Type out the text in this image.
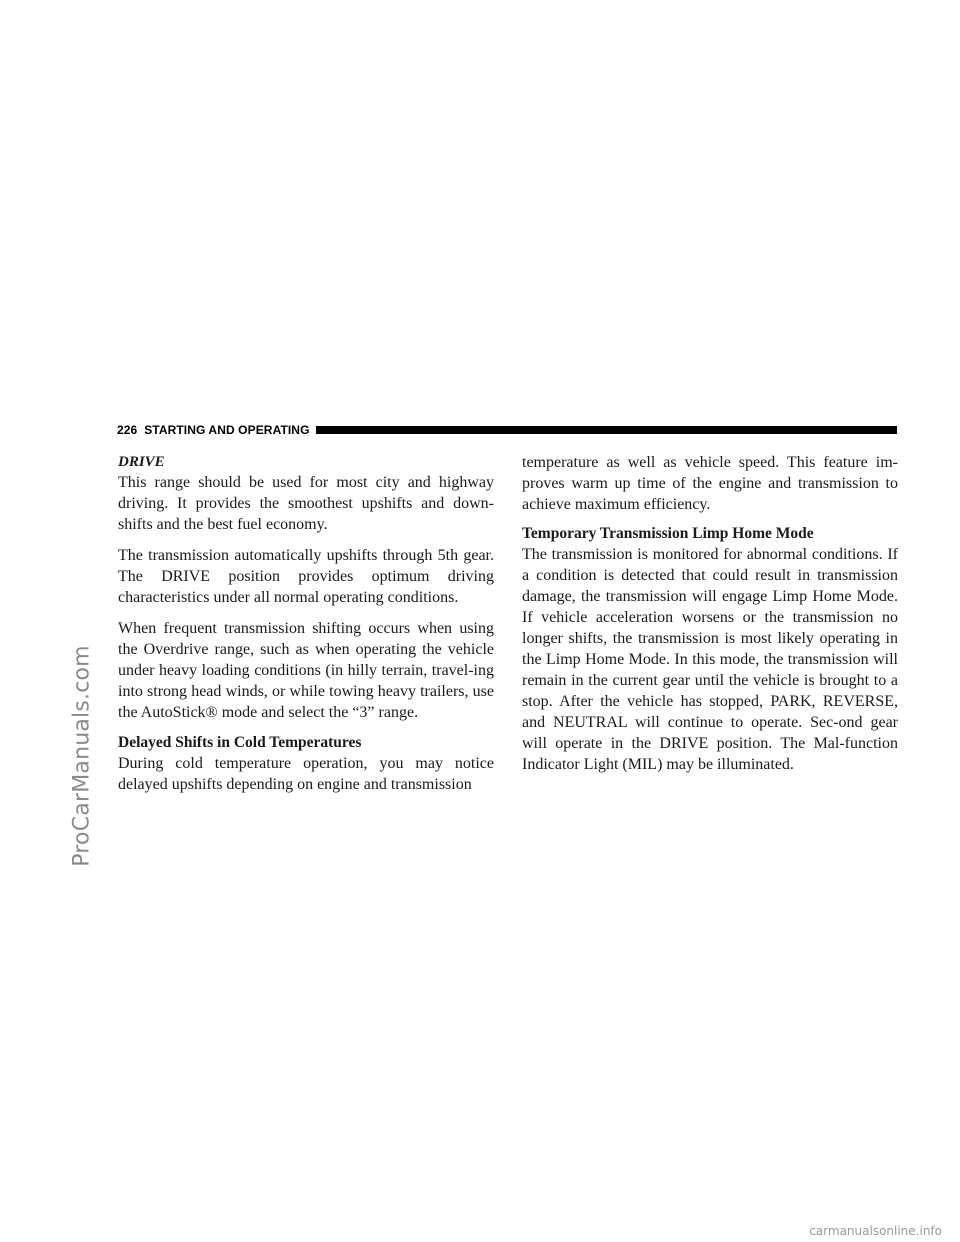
ProCarManuals.com
226
STARTING AND OPERATING
DRIVE

This range should be used for most city and highway driving. It provides the smoothest upshifts and down-shifts and the best fuel economy.

The transmission automatically upshifts through 5th gear. The DRIVE position provides optimum driving characteristics under all normal operating conditions.

When frequent transmission shifting occurs when using the Overdrive range, such as when operating the vehicle under heavy loading conditions (in hilly terrain, travel-ing into strong head winds, or while towing heavy trailers, use the AutoStick® mode and select the “3” range.

Delayed Shifts in Cold Temperatures

During cold temperature operation, you may notice delayed upshifts depending on engine and transmission

temperature as well as vehicle speed. This feature im-proves warm up time of the engine and transmission to achieve maximum efficiency.

Temporary Transmission Limp Home Mode

The transmission is monitored for abnormal conditions. If a condition is detected that could result in transmission damage, the transmission will engage Limp Home Mode. If vehicle acceleration worsens or the transmission no longer shifts, the transmission is most likely operating in the Limp Home Mode. In this mode, the transmission will remain in the current gear until the vehicle is brought to a stop. After the vehicle has stopped, PARK, REVERSE, and NEUTRAL will continue to operate. Sec-ond gear will operate in the DRIVE position. The Mal-function Indicator Light (MIL) may be illuminated.

carmanualsonline.info
